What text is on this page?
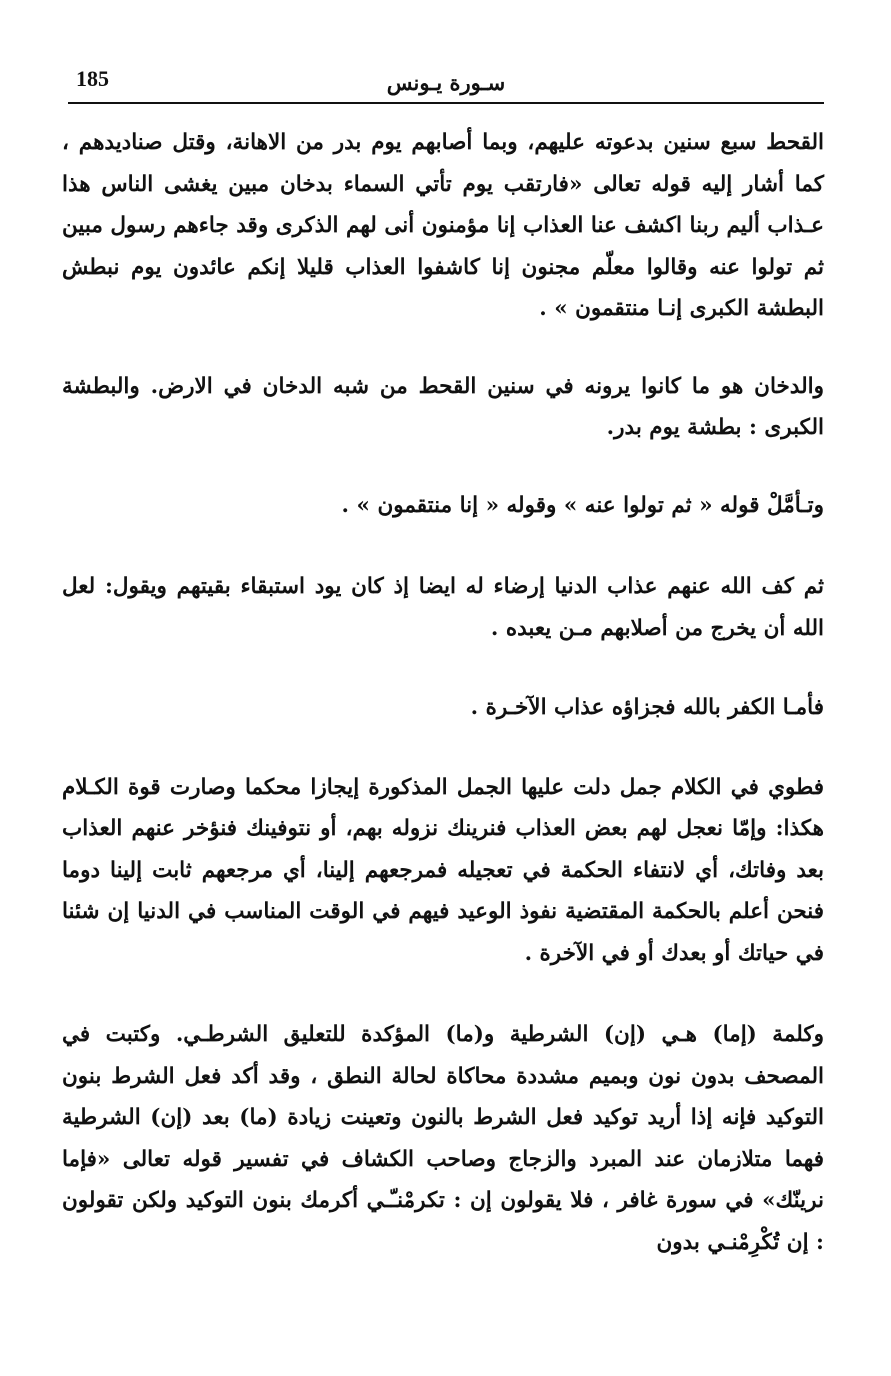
185	سـورة يـونس

القحط سبع سنين بدعوته عليهم، وبما أصابهم يوم بدر من الاهانة، وقتل صناديدهم ، كما أشار إليه قوله تعالى «فارتقب يوم تأتي السماء بدخان مبين يغشى الناس هذا عـذاب أليم ربنا اكشف عنا العذاب إنا مؤمنون أنى لهم الذكرى وقد جاءهم رسول مبين ثم تولوا عنه وقالوا معلّم مجنون إنا كاشفوا العذاب قليلا إنكم عائدون يوم نبطش البطشة الكبرى إنـا منتقمون » .

والدخان هو ما كانوا يرونه في سنين القحط من شبه الدخان في الارض. والبطشة الكبرى : بطشة يوم بدر.

وتـأمَّلْ قوله « ثم تولوا عنه » وقوله « إنا منتقمون » .

ثم كف الله عنهم عذاب الدنيا إرضاء له ايضا إذ كان يود استبقاء بقيتهم ويقول: لعل الله أن يخرج من أصلابهم مـن يعبده .

فأمـا الكفر بالله فجزاؤه عذاب الآخـرة .

فطوي في الكلام جمل دلت عليها الجمل المذكورة إيجازا محكما وصارت قوة الكـلام هكذا: وإمّا نعجل لهم بعض العذاب فنرينك نزوله بهم، أو نتوفينك فنؤخر عنهم العذاب بعد وفاتك، أي لانتفاء الحكمة في تعجيله فمرجعهم إلينا، أي مرجعهم ثابت إلينا دوما فنحن أعلم بالحكمة المقتضية نفوذ الوعيد فيهم في الوقت المناسب في الدنيا إن شئنا في حياتك أو بعدك أو في الآخرة .

وكلمة (إما) هـي (إن) الشرطية و(ما) المؤكدة للتعليق الشرطـي. وكتبت في المصحف بدون نون وبميم مشددة محاكاة لحالة النطق ، وقد أكد فعل الشرط بنون التوكيد فإنه إذا أريد توكيد فعل الشرط بالنون وتعينت زيادة (ما) بعد (إن) الشرطية فهما متلازمان عند المبرد والزجاج وصاحب الكشاف في تفسير قوله تعالى «فإما نرينّك» في سورة غافر ، فلا يقولون إن : تكرمْنـّـي أكرمك بنون التوكيد ولكن تقولون : إن تُكْرِمْنـي بدون
